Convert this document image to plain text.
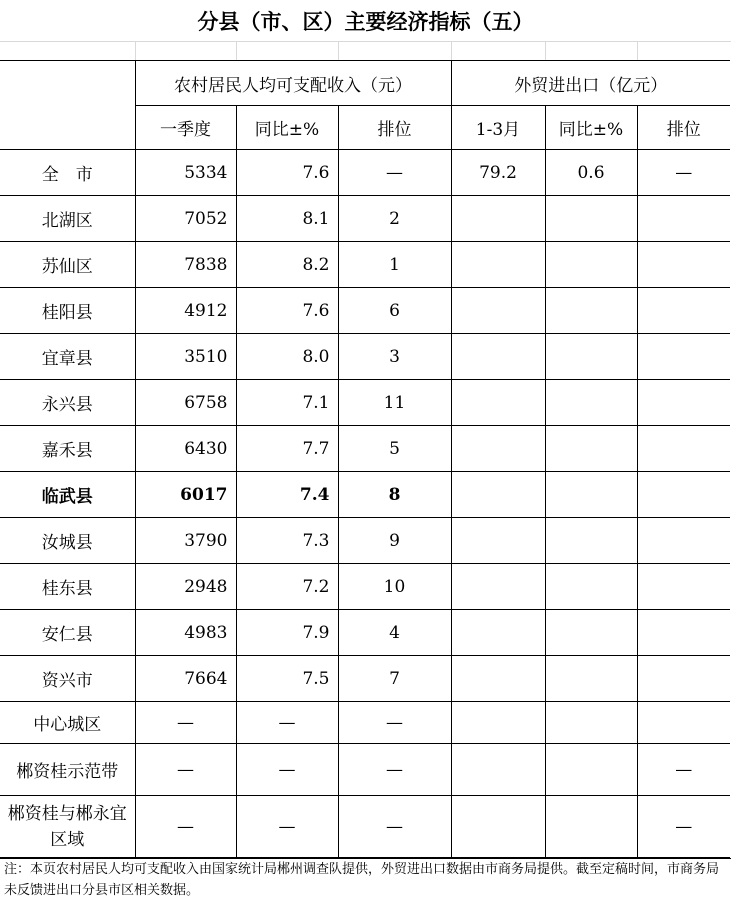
分县（市、区）主要经济指标（五）
	农村居民人均可支配收入（元）			外贸进出口（亿元）		
	一季度	同比±%	排位	1-3月	同比±%	排位
全　市	5334	7.6	—	79.2	0.6	—
北湖区	7052	8.1	2			
苏仙区	7838	8.2	1			
桂阳县	4912	7.6	6			
宜章县	3510	8.0	3			
永兴县	6758	7.1	11			
嘉禾县	6430	7.7	5			
临武县	6017	7.4	8			
汝城县	3790	7.3	9			
桂东县	2948	7.2	10			
安仁县	4983	7.9	4			
资兴市	7664	7.5	7			
中心城区	—	—	—			
郴资桂示范带	—	—	—			—
郴资桂与郴永宜区域	—	—	—			—
注：本页农村居民人均可支配收入由国家统计局郴州调查队提供，外贸进出口数据由市商务局提供。截至定稿时间，市商务局未反馈进出口分县市区相关数据。
